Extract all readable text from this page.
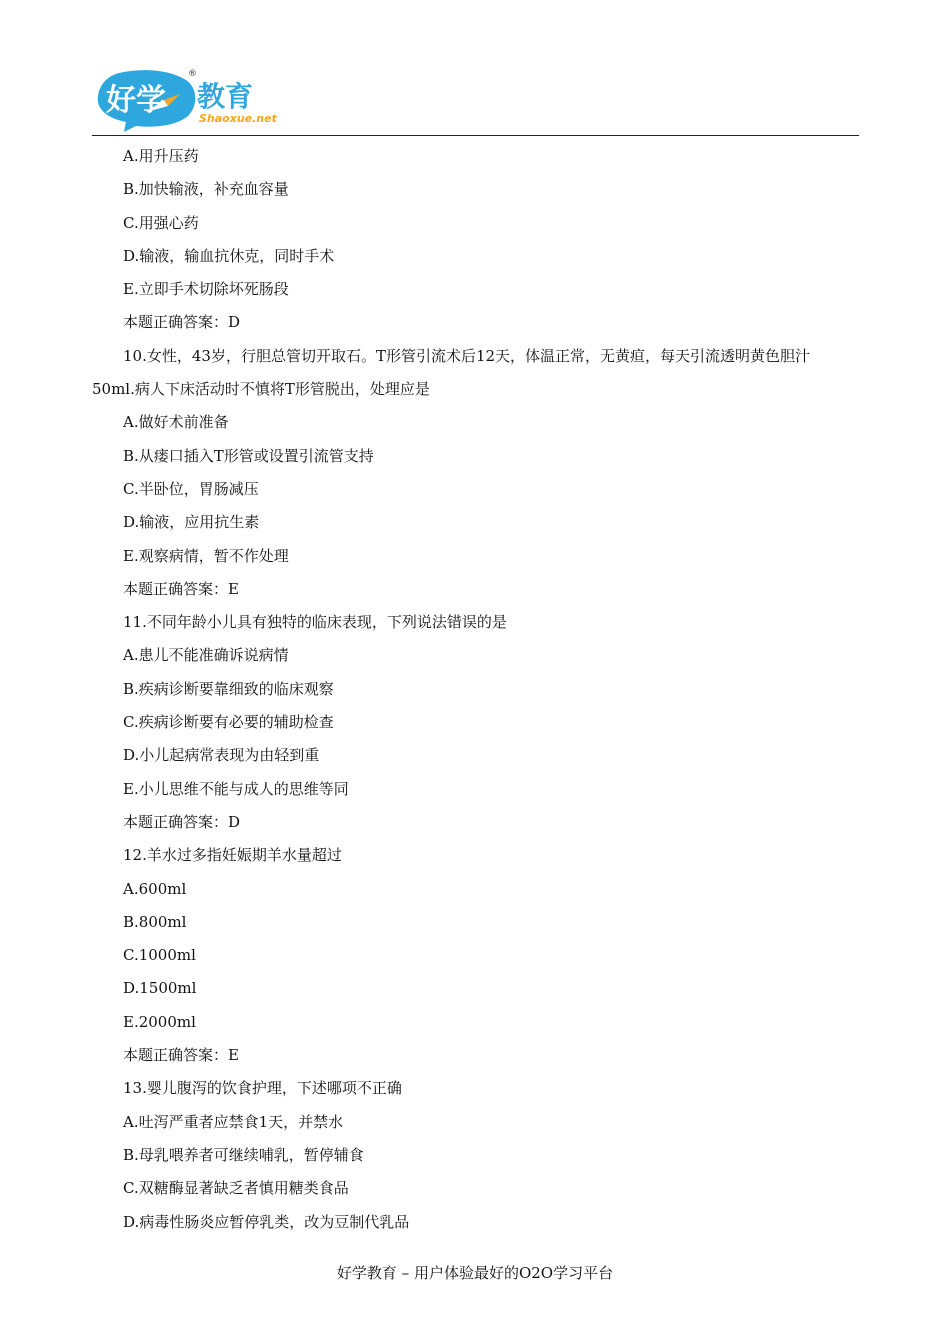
好学 教育
Shaoxue.net
®
A.用升压药
B.加快输液，补充血容量
C.用强心药
D.输液，输血抗休克，同时手术
E.立即手术切除坏死肠段
本题正确答案：D
10.女性，43岁，行胆总管切开取石。T形管引流术后12天，体温正常，无黄疸，每天引流透明黄色胆汁
50ml.病人下床活动时不慎将T形管脱出，处理应是
A.做好术前准备
B.从瘘口插入T形管或设置引流管支持
C.半卧位，胃肠减压
D.输液，应用抗生素
E.观察病情，暂不作处理
本题正确答案：E
11.不同年龄小儿具有独特的临床表现，下列说法错误的是
A.患儿不能准确诉说病情
B.疾病诊断要靠细致的临床观察
C.疾病诊断要有必要的辅助检查
D.小儿起病常表现为由轻到重
E.小儿思维不能与成人的思维等同
本题正确答案：D
12.羊水过多指妊娠期羊水量超过
A.600ml
B.800ml
C.1000ml
D.1500ml
E.2000ml
本题正确答案：E
13.婴儿腹泻的饮食护理，下述哪项不正确
A.吐泻严重者应禁食1天，并禁水
B.母乳喂养者可继续哺乳，暂停辅食
C.双糖酶显著缺乏者慎用糖类食品
D.病毒性肠炎应暂停乳类，改为豆制代乳品
好学教育 – 用户体验最好的O2O学习平台
